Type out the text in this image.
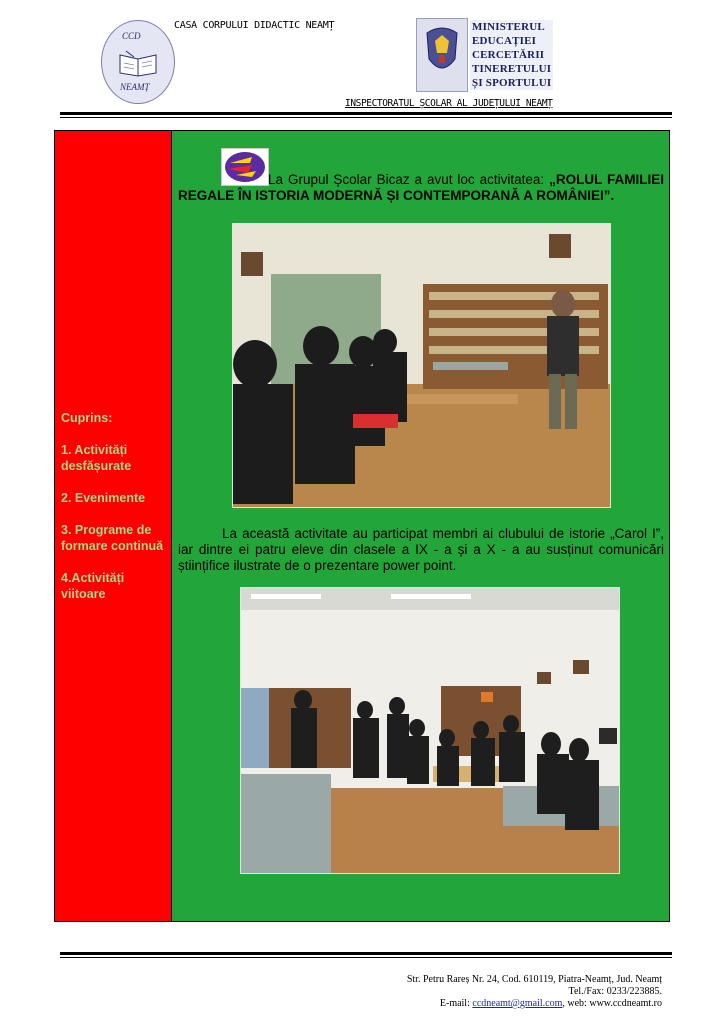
CCD
NEAMȚ
CASA CORPULUI DIDACTIC NEAMȚ	MINISTERUL
EDUCAȚIEI
CERCETĂRII
TINERETULUI
ȘI SPORTULUI
INSPECTORATUL ȘCOLAR AL JUDEȚULUI NEAMȚ
Cuprins:
1. Activități desfășurate
2. Evenimente
3. Programe de formare continuă
4.Activități viitoare
La Grupul Școlar Bicaz a avut loc activitatea: „ROLUL FAMILIEI REGALE ÎN ISTORIA MODERNĂ ȘI CONTEMPORANĂ A ROMÂNIEI”.
La această activitate au participat membri ai clubului de istorie „Carol I”, iar dintre ei patru eleve din clasele a IX - a și a X - a au susținut comunicări științifice ilustrate de o prezentare power point.
Str. Petru Rareș Nr. 24, Cod. 610119, Piatra-Neamț, Jud. Neamț
Tel./Fax: 0233/223885.
E-mail: ccdneamt@gmail.com, web: www.ccdneamt.ro
